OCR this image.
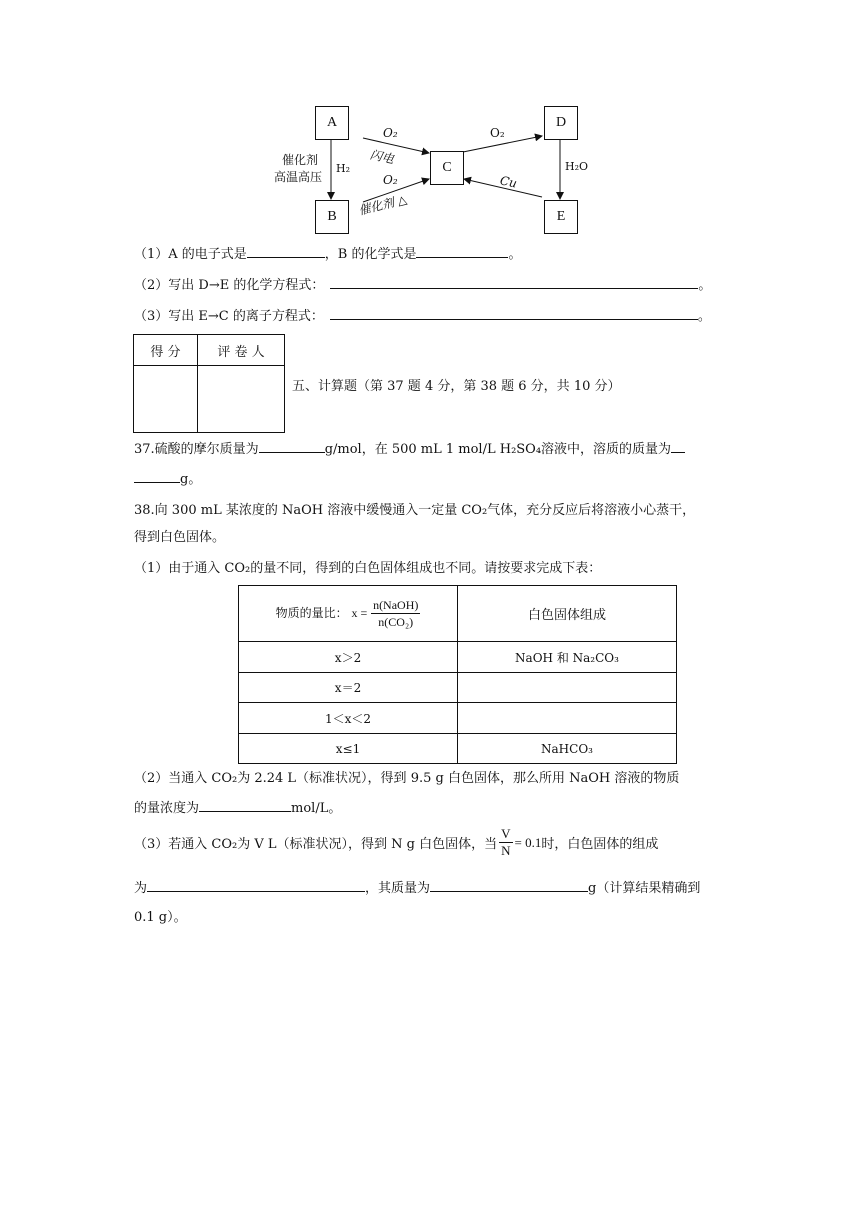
A
B
C
D
E
催化剂
高温高压
H₂
O₂
闪电
O₂
催化剂 △
O₂
H₂O
Cu
（1）A 的电子式是	，B 的化学式是	。
（2）写出 D→E 的化学方程式：	。
（3）写出 E→C 的离子方程式：	。
得 分	评 卷 人

五、计算题（第 37 题 4 分，第 38 题 6 分，共 10 分）
37.硫酸的摩尔质量为	g/mol，在 500 mL 1 mol/L H₂SO₄溶液中，溶质的质量为
g。
38.向 300 mL 某浓度的 NaOH 溶液中缓慢通入一定量 CO₂气体，充分反应后将溶液小心蒸干，
得到白色固体。
（1）由于通入 CO₂的量不同，得到的白色固体组成也不同。请按要求完成下表：
物质的量比： $x = \frac{\text{n(NaOH)}}{\text{n(CO₂)}}$	白色固体组成
x＞2	NaOH 和 Na₂CO₃
x＝2	
1＜x＜2	
x≤1	NaHCO₃
（2）当通入 CO₂为 2.24 L（标准状况），得到 9.5 g 白色固体，那么所用 NaOH 溶液的物质
的量浓度为	mol/L。
（3）若通入 CO₂为 V L（标准状况），得到 N g 白色固体，当 $\frac{V}{N} = 0.1$ 时，白色固体的组成
为	，其质量为	g（计算结果精确到
0.1 g）。
